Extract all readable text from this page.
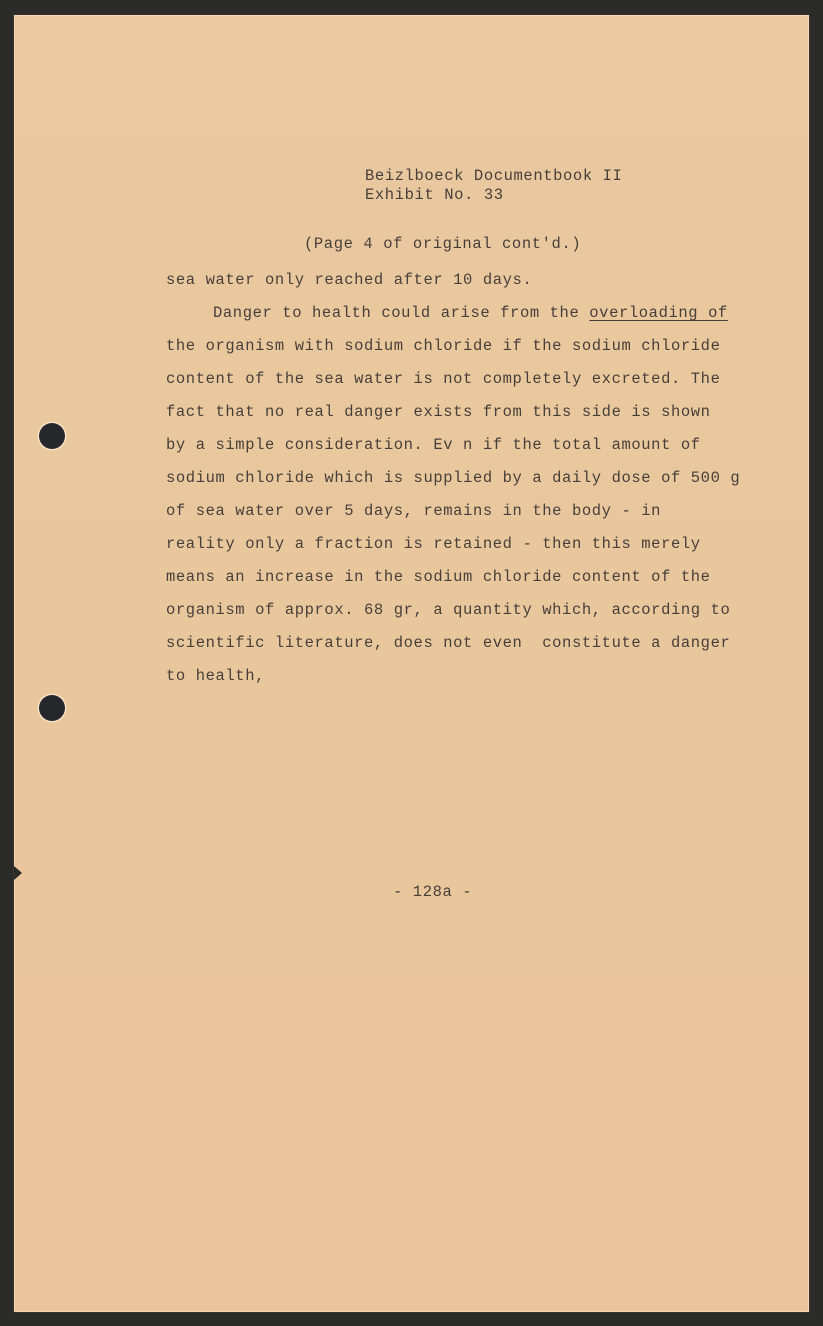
Beizlboeck Documentbook II
Exhibit No. 33
(Page 4 of original cont'd.)
sea water only reached after 10 days.
Danger to health could arise from the overloading of
the organism with sodium chloride if the sodium chloride
content of the sea water is not completely excreted. The
fact that no real danger exists from this side is shown
by a simple consideration. Ev n if the total amount of
sodium chloride which is supplied by a daily dose of 500 g
of sea water over 5 days, remains in the body - in
reality only a fraction is retained - then this merely
means an increase in the sodium chloride content of the
organism of approx. 68 gr, a quantity which, according to
scientific literature, does not even  constitute a danger
to health,
- 128a -
